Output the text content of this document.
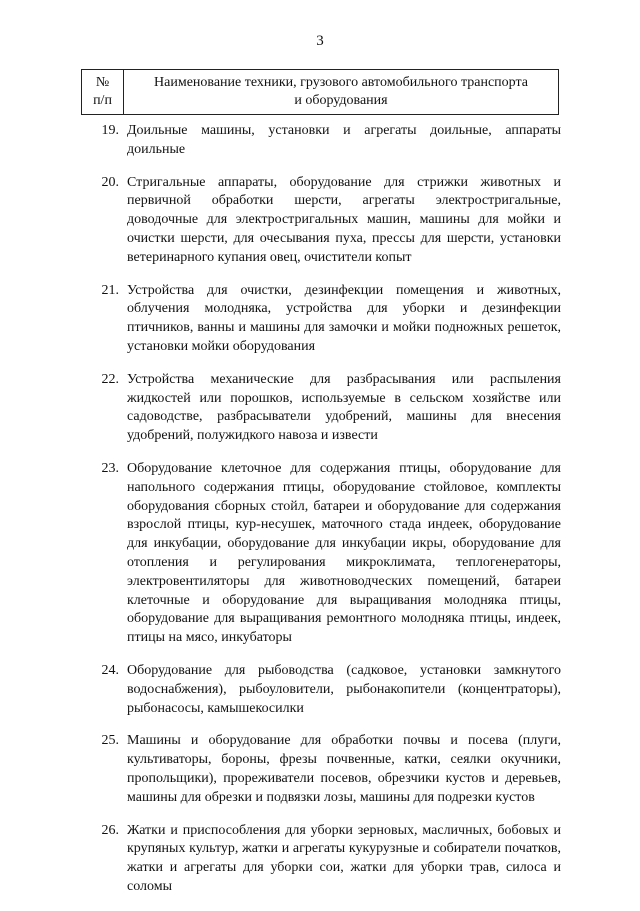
3
№
п/п
Наименование техники, грузового автомобильного транспорта
и оборудования
19. Доильные машины, установки и агрегаты доильные, аппараты доильные
20. Стригальные аппараты, оборудование для стрижки животных и первичной обработки шерсти, агрегаты электростригальные, доводочные для электростригальных машин, машины для мойки и очистки шерсти, для очесывания пуха, прессы для шерсти, установки ветеринарного купания овец, очистители копыт
21. Устройства для очистки, дезинфекции помещения и животных, облучения молодняка, устройства для уборки и дезинфекции птичников, ванны и машины для замочки и мойки подножных решеток, установки мойки оборудования
22. Устройства механические для разбрасывания или распыления жидкостей или порошков, используемые в сельском хозяйстве или садоводстве, разбрасыватели удобрений, машины для внесения удобрений, полужидкого навоза и извести
23. Оборудование клеточное для содержания птицы, оборудование для напольного содержания птицы, оборудование стойловое, комплекты оборудования сборных стойл, батареи и оборудование для содержания взрослой птицы, кур-несушек, маточного стада индеек, оборудование для инкубации, оборудование для инкубации икры, оборудование для отопления и регулирования микроклимата, теплогенераторы, электровентиляторы для животноводческих помещений, батареи клеточные и оборудование для выращивания молодняка птицы, оборудование для выращивания ремонтного молодняка птицы, индеек, птицы на мясо, инкубаторы
24. Оборудование для рыбоводства (садковое, установки замкнутого водоснабжения), рыбоуловители, рыбонакопители (концентраторы), рыбонасосы, камышекосилки
25. Машины и оборудование для обработки почвы и посева (плуги, культиваторы, бороны, фрезы почвенные, катки, сеялки окучники, пропольщики), прореживатели посевов, обрезчики кустов и деревьев, машины для обрезки и подвязки лозы, машины для подрезки кустов
26. Жатки и приспособления для уборки зерновых, масличных, бобовых и крупяных культур, жатки и агрегаты кукурузные и собиратели початков, жатки и агрегаты для уборки сои, жатки для уборки трав, силоса и соломы
